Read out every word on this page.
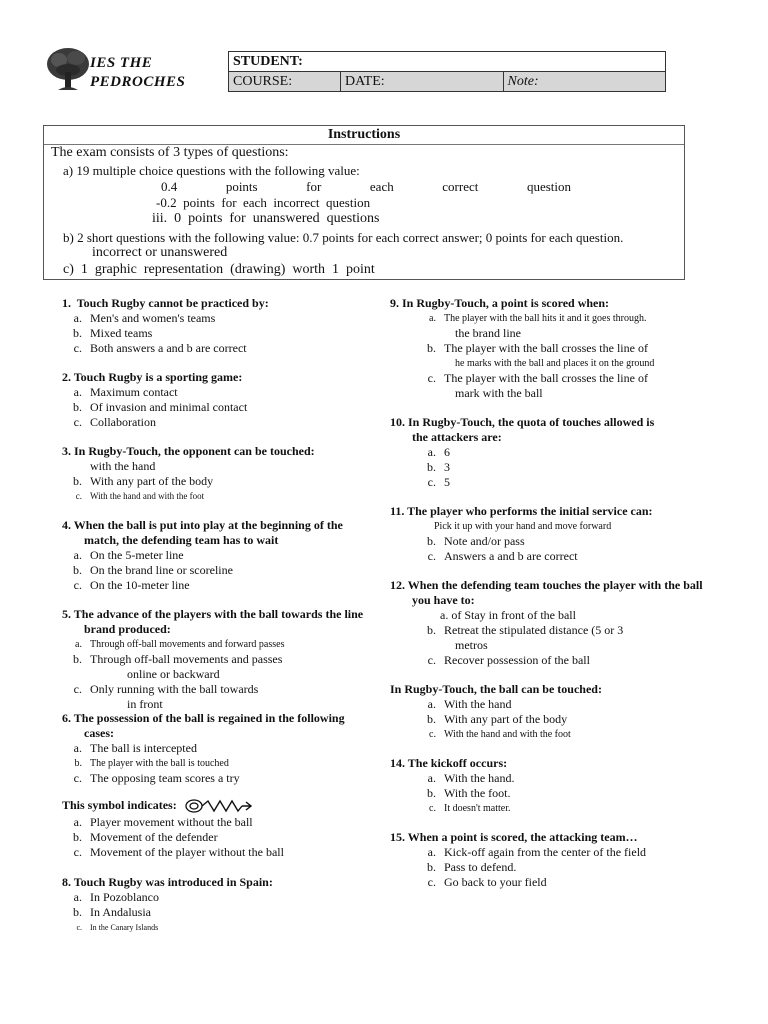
IES THE
PEDROCHES
STUDENT:
COURSE:	DATE:	Note:
Instructions
The exam consists of 3 types of questions:
a) 19 multiple choice questions with the following value:
0.4	points	for	each	correct	question
-0.2  points  for  each  incorrect  question
iii.  0  points  for  unanswered  questions
b) 2 short questions with the following value: 0.7 points for each correct answer; 0 points for each question.
incorrect or unanswered
c)  1  graphic  representation  (drawing)  worth  1  point
1.  Touch Rugby cannot be practiced by:
a. Men's and women's teams
b. Mixed teams
c. Both answers a and b are correct
2. Touch Rugby is a sporting game:
a. Maximum contact
b. Of invasion and minimal contact
c. Collaboration
3. In Rugby-Touch, the opponent can be touched:
with the hand
b. With any part of the body
c. With the hand and with the foot
4. When the ball is put into play at the beginning of the
match, the defending team has to wait
a. On the 5-meter line
b. On the brand line or scoreline
c. On the 10-meter line
5. The advance of the players with the ball towards the line
brand produced:
a. Through off-ball movements and forward passes
b. Through off-ball movements and passes
online or backward
c. Only running with the ball towards
in front
6. The possession of the ball is regained in the following
cases:
a. The ball is intercepted
b. The player with the ball is touched
c. The opposing team scores a try
This symbol indicates:
a. Player movement without the ball
b. Movement of the defender
c. Movement of the player without the ball
8. Touch Rugby was introduced in Spain:
a. In Pozoblanco
b. In Andalusia
c. In the Canary Islands
9. In Rugby-Touch, a point is scored when:
a. The player with the ball hits it and it goes through.
the brand line
b. The player with the ball crosses the line of
he marks with the ball and places it on the ground
c. The player with the ball crosses the line of
mark with the ball
10. In Rugby-Touch, the quota of touches allowed is
the attackers are:
a. 6
b. 3
c. 5
11. The player who performs the initial service can:
Pick it up with your hand and move forward
b. Note and/or pass
c. Answers a and b are correct
12. When the defending team touches the player with the ball
you have to:
a. of Stay in front of the ball
b. Retreat the stipulated distance (5 or 3
metros
c. Recover possession of the ball
In Rugby-Touch, the ball can be touched:
a. With the hand
b. With any part of the body
c. With the hand and with the foot
14. The kickoff occurs:
a. With the hand.
b. With the foot.
c. It doesn't matter.
15. When a point is scored, the attacking team…
a. Kick-off again from the center of the field
b. Pass to defend.
c. Go back to your field
